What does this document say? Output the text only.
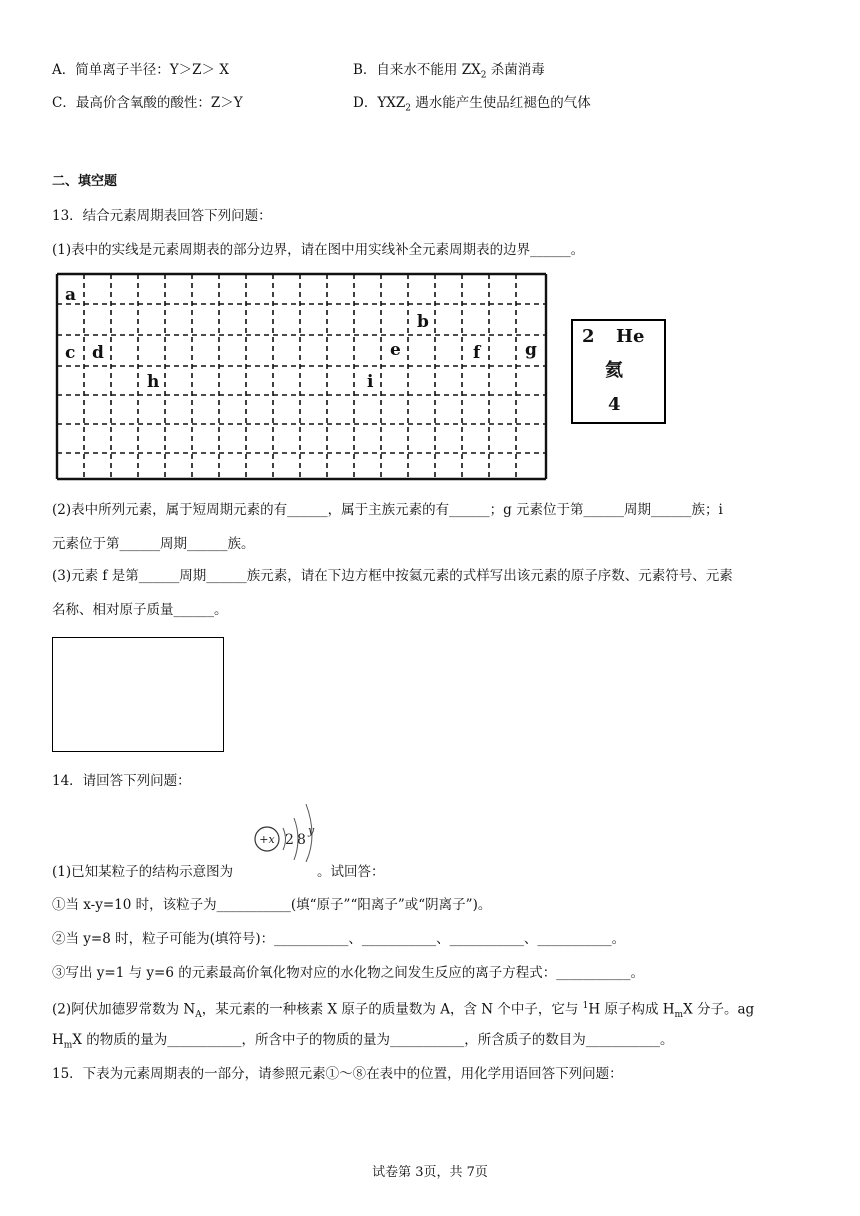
A．简单离子半径：Y＞Z＞ X	B．自来水不能用 $ZX_2$ 杀菌消毒
C．最高价含氧酸的酸性：Z＞Y	D．$YXZ_2$ 遇水能产生使品红褪色的气体
二、填空题
13．结合元素周期表回答下列问题：
(1)表中的实线是元素周期表的部分边界，请在图中用实线补全元素周期表的边界______。
a
b
c d	e	f	g
h	i
2 He
氦
4
(2)表中所列元素，属于短周期元素的有______，属于主族元素的有______；g 元素位于第______周期______族；i
元素位于第______周期______族。
(3)元素 f 是第______周期______族元素，请在下边方框中按氦元素的式样写出该元素的原子序数、元素符号、元素
名称、相对原子质量______。
14．请回答下列问题：
+x 2 8
y
(1)已知某粒子的结构示意图为	。试回答：
①当 x-y=10 时，该粒子为___________(填“原子”“阳离子”或“阴离子”)。
②当 y=8 时，粒子可能为(填符号)：___________、___________、___________、___________。
③写出 y=1 与 y=6 的元素最高价氧化物对应的水化物之间发生反应的离子方程式：___________。
(2)阿伏加德罗常数为 $N_A$，某元素的一种核素 X 原子的质量数为 A，含 N 个中子，它与 $^1$H 原子构成 $H_mX$ 分子。ag
$H_mX$ 的物质的量为___________，所含中子的物质的量为___________，所含质子的数目为___________。
15．下表为元素周期表的一部分，请参照元素①～⑧在表中的位置，用化学用语回答下列问题：
试卷第 3页，共 7页
